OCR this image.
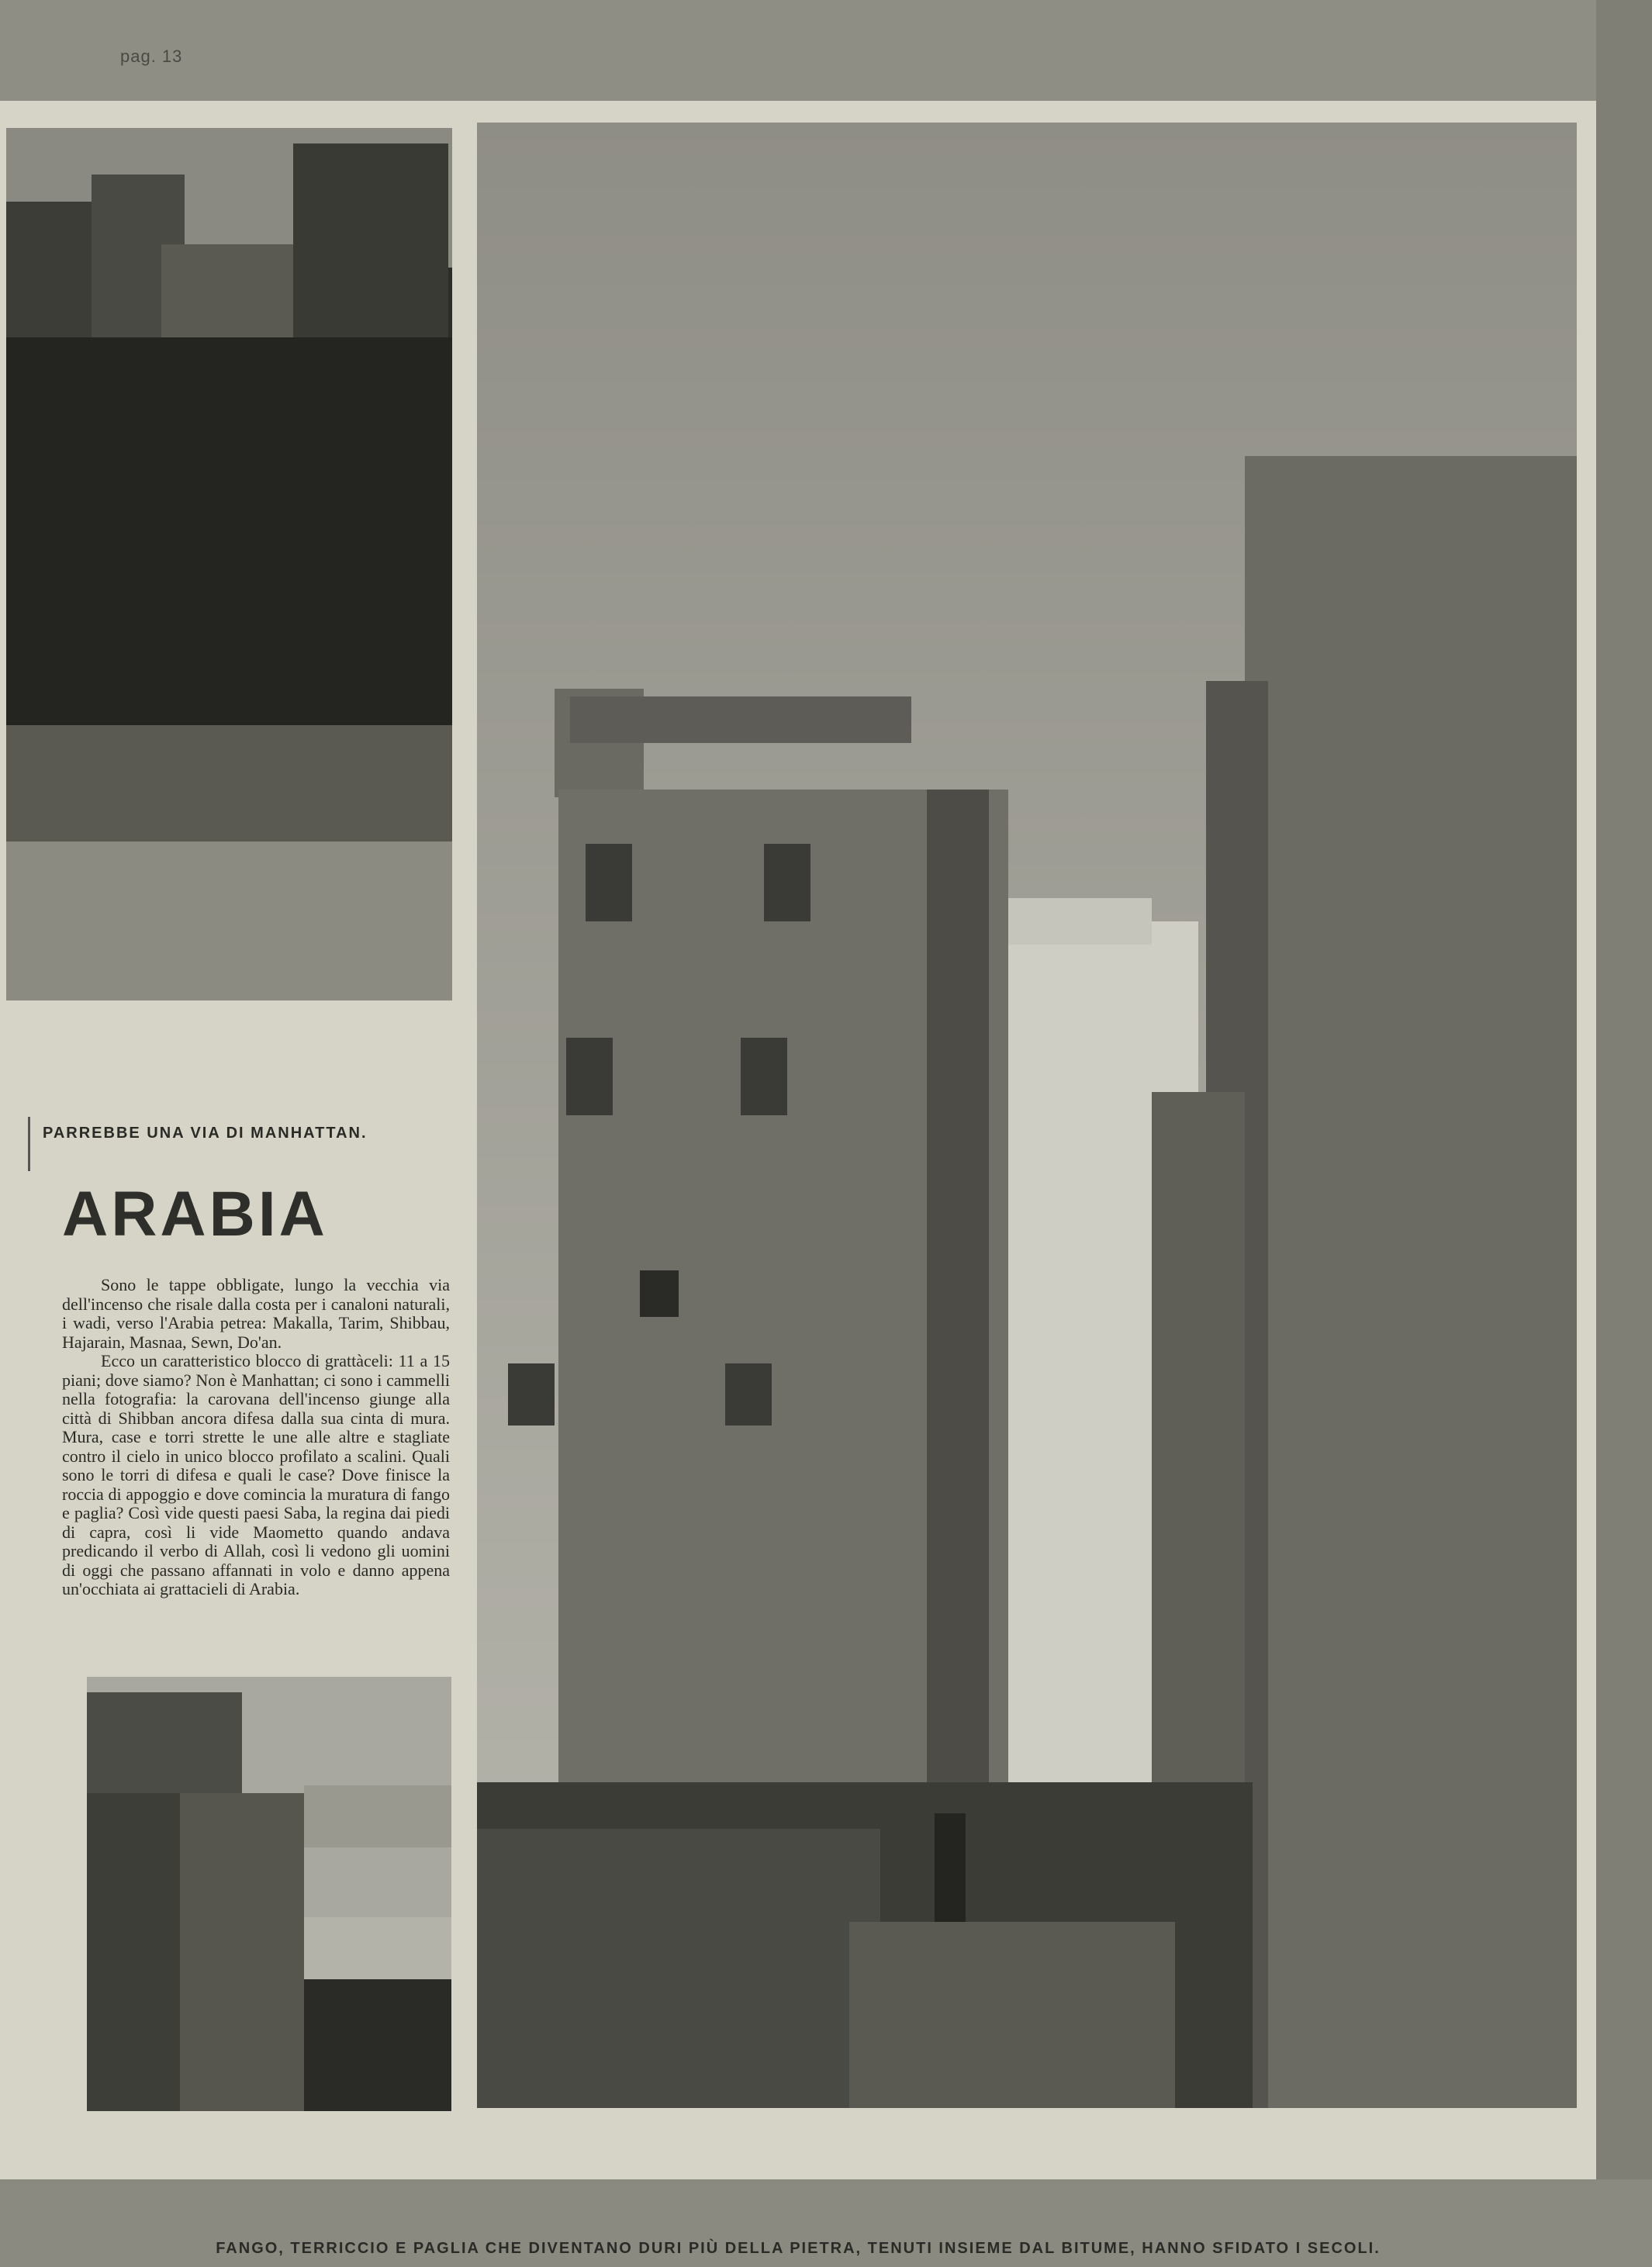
pag. 13
PARREBBE UNA VIA DI MANHATTAN.
ARABIA

Sono le tappe obbligate, lungo la vecchia via dell'incenso che risale dalla costa per i canaloni naturali, i wadi, verso l'Arabia petrea: Makalla, Tarim, Shibbau, Hajarain, Masnaa, Sewn, Do'an.

Ecco un caratteristico blocco di grattàceli: 11 a 15 piani; dove siamo? Non è Manhattan; ci sono i cammelli nella fotografia: la carovana dell'incenso giunge alla città di Shibban ancora difesa dalla sua cinta di mura. Mura, case e torri strette le une alle altre e stagliate contro il cielo in unico blocco profilato a scalini. Quali sono le torri di difesa e quali le case? Dove finisce la roccia di appoggio e dove comincia la muratura di fango e paglia? Così vide questi paesi Saba, la regina dai piedi di capra, così li vide Maometto quando andava predicando il verbo di Allah, così li vedono gli uomini di oggi che passano affannati in volo e danno appena un'occhiata ai grattacieli di Arabia.

FANGO, TERRICCIO E PAGLIA CHE DIVENTANO DURI PIÙ DELLA PIETRA, TENUTI INSIEME DAL BITUME, HANNO SFIDATO I SECOLI.
